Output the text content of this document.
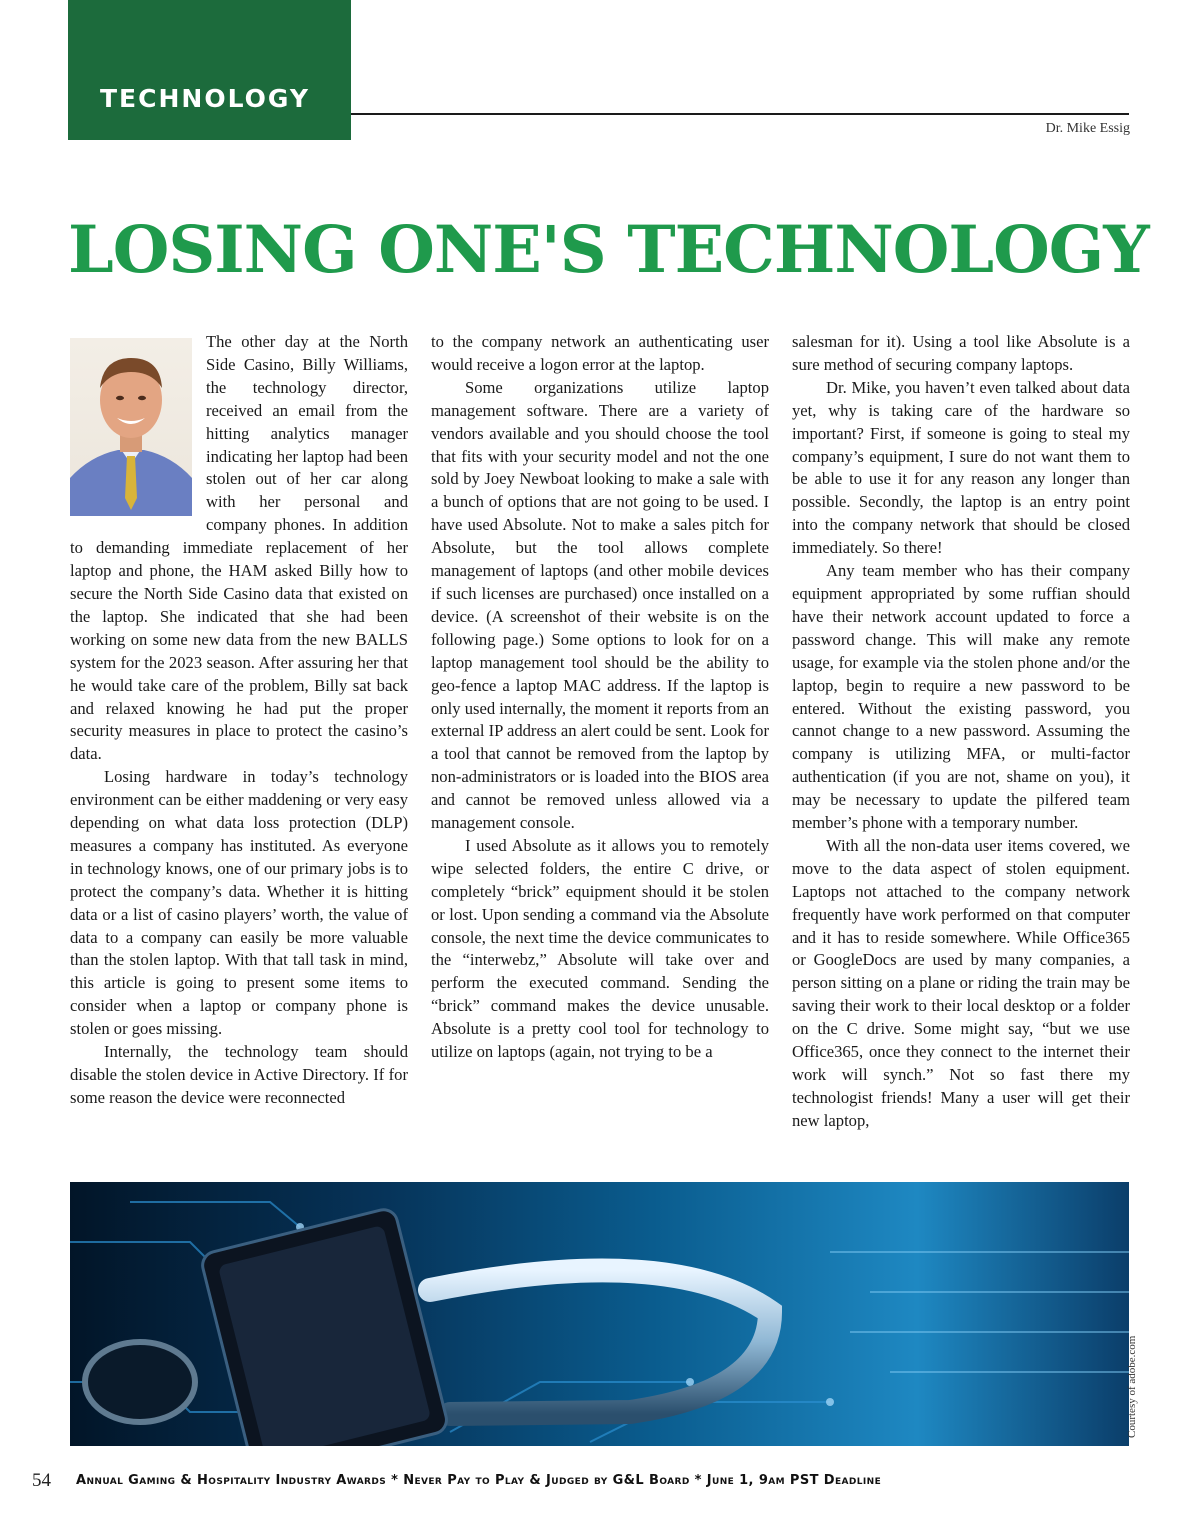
TECHNOLOGY
Dr. Mike Essig
LOSING ONE'S TECHNOLOGY

The other day at the North Side Casino, Billy Williams, the technology director, received an email from the hitting analytics manager indicating her laptop had been stolen out of her car along with her personal and company phones. In addition to demanding immediate replacement of her laptop and phone, the HAM asked Billy how to secure the North Side Casino data that existed on the laptop. She indicated that she had been working on some new data from the new BALLS system for the 2023 season. After assuring her that he would take care of the problem, Billy sat back and relaxed knowing he had put the proper security measures in place to protect the casino’s data.

Losing hardware in today’s technology environment can be either maddening or very easy depending on what data loss protection (DLP) measures a company has instituted. As everyone in technology knows, one of our primary jobs is to protect the company’s data. Whether it is hitting data or a list of casino players’ worth, the value of data to a company can easily be more valuable than the stolen laptop. With that tall task in mind, this article is going to present some items to consider when a laptop or company phone is stolen or goes missing.

Internally, the technology team should disable the stolen device in Active Directory. If for some reason the device were reconnected

to the company network an authenticating user would receive a logon error at the laptop.

Some organizations utilize laptop management software. There are a variety of vendors available and you should choose the tool that fits with your security model and not the one sold by Joey Newboat looking to make a sale with a bunch of options that are not going to be used. I have used Absolute. Not to make a sales pitch for Absolute, but the tool allows complete management of laptops (and other mobile devices if such licenses are purchased) once installed on a device. (A screenshot of their website is on the following page.) Some options to look for on a laptop management tool should be the ability to geo-fence a laptop MAC address. If the laptop is only used internally, the moment it reports from an external IP address an alert could be sent. Look for a tool that cannot be removed from the laptop by non-administrators or is loaded into the BIOS area and cannot be removed unless allowed via a management console.

I used Absolute as it allows you to remotely wipe selected folders, the entire C drive, or completely “brick” equipment should it be stolen or lost. Upon sending a command via the Absolute console, the next time the device communicates to the “interwebz,” Absolute will take over and perform the executed command. Sending the “brick” command makes the device unusable. Absolute is a pretty cool tool for technology to utilize on laptops (again, not trying to be a

salesman for it). Using a tool like Absolute is a sure method of securing company laptops.

Dr. Mike, you haven’t even talked about data yet, why is taking care of the hardware so important? First, if someone is going to steal my company’s equipment, I sure do not want them to be able to use it for any reason any longer than possible. Secondly, the laptop is an entry point into the company network that should be closed immediately. So there!

Any team member who has their company equipment appropriated by some ruffian should have their network account updated to force a password change. This will make any remote usage, for example via the stolen phone and/or the laptop, begin to require a new password to be entered. Without the existing password, you cannot change to a new password. Assuming the company is utilizing MFA, or multi-factor authentication (if you are not, shame on you), it may be necessary to update the pilfered team member’s phone with a temporary number.

With all the non-data user items covered, we move to the data aspect of stolen equipment. Laptops not attached to the company network frequently have work performed on that computer and it has to reside somewhere. While Office365 or GoogleDocs are used by many companies, a person sitting on a plane or riding the train may be saving their work to their local desktop or a folder on the C drive. Some might say, “but we use Office365, once they connect to the internet their work will synch.” Not so fast there my technologist friends! Many a user will get their new laptop,

Courtesy of adobe.com
54 Annual Gaming & Hospitality Industry Awards * Never Pay to Play & Judged by G&L Board * June 1, 9am PST Deadline
